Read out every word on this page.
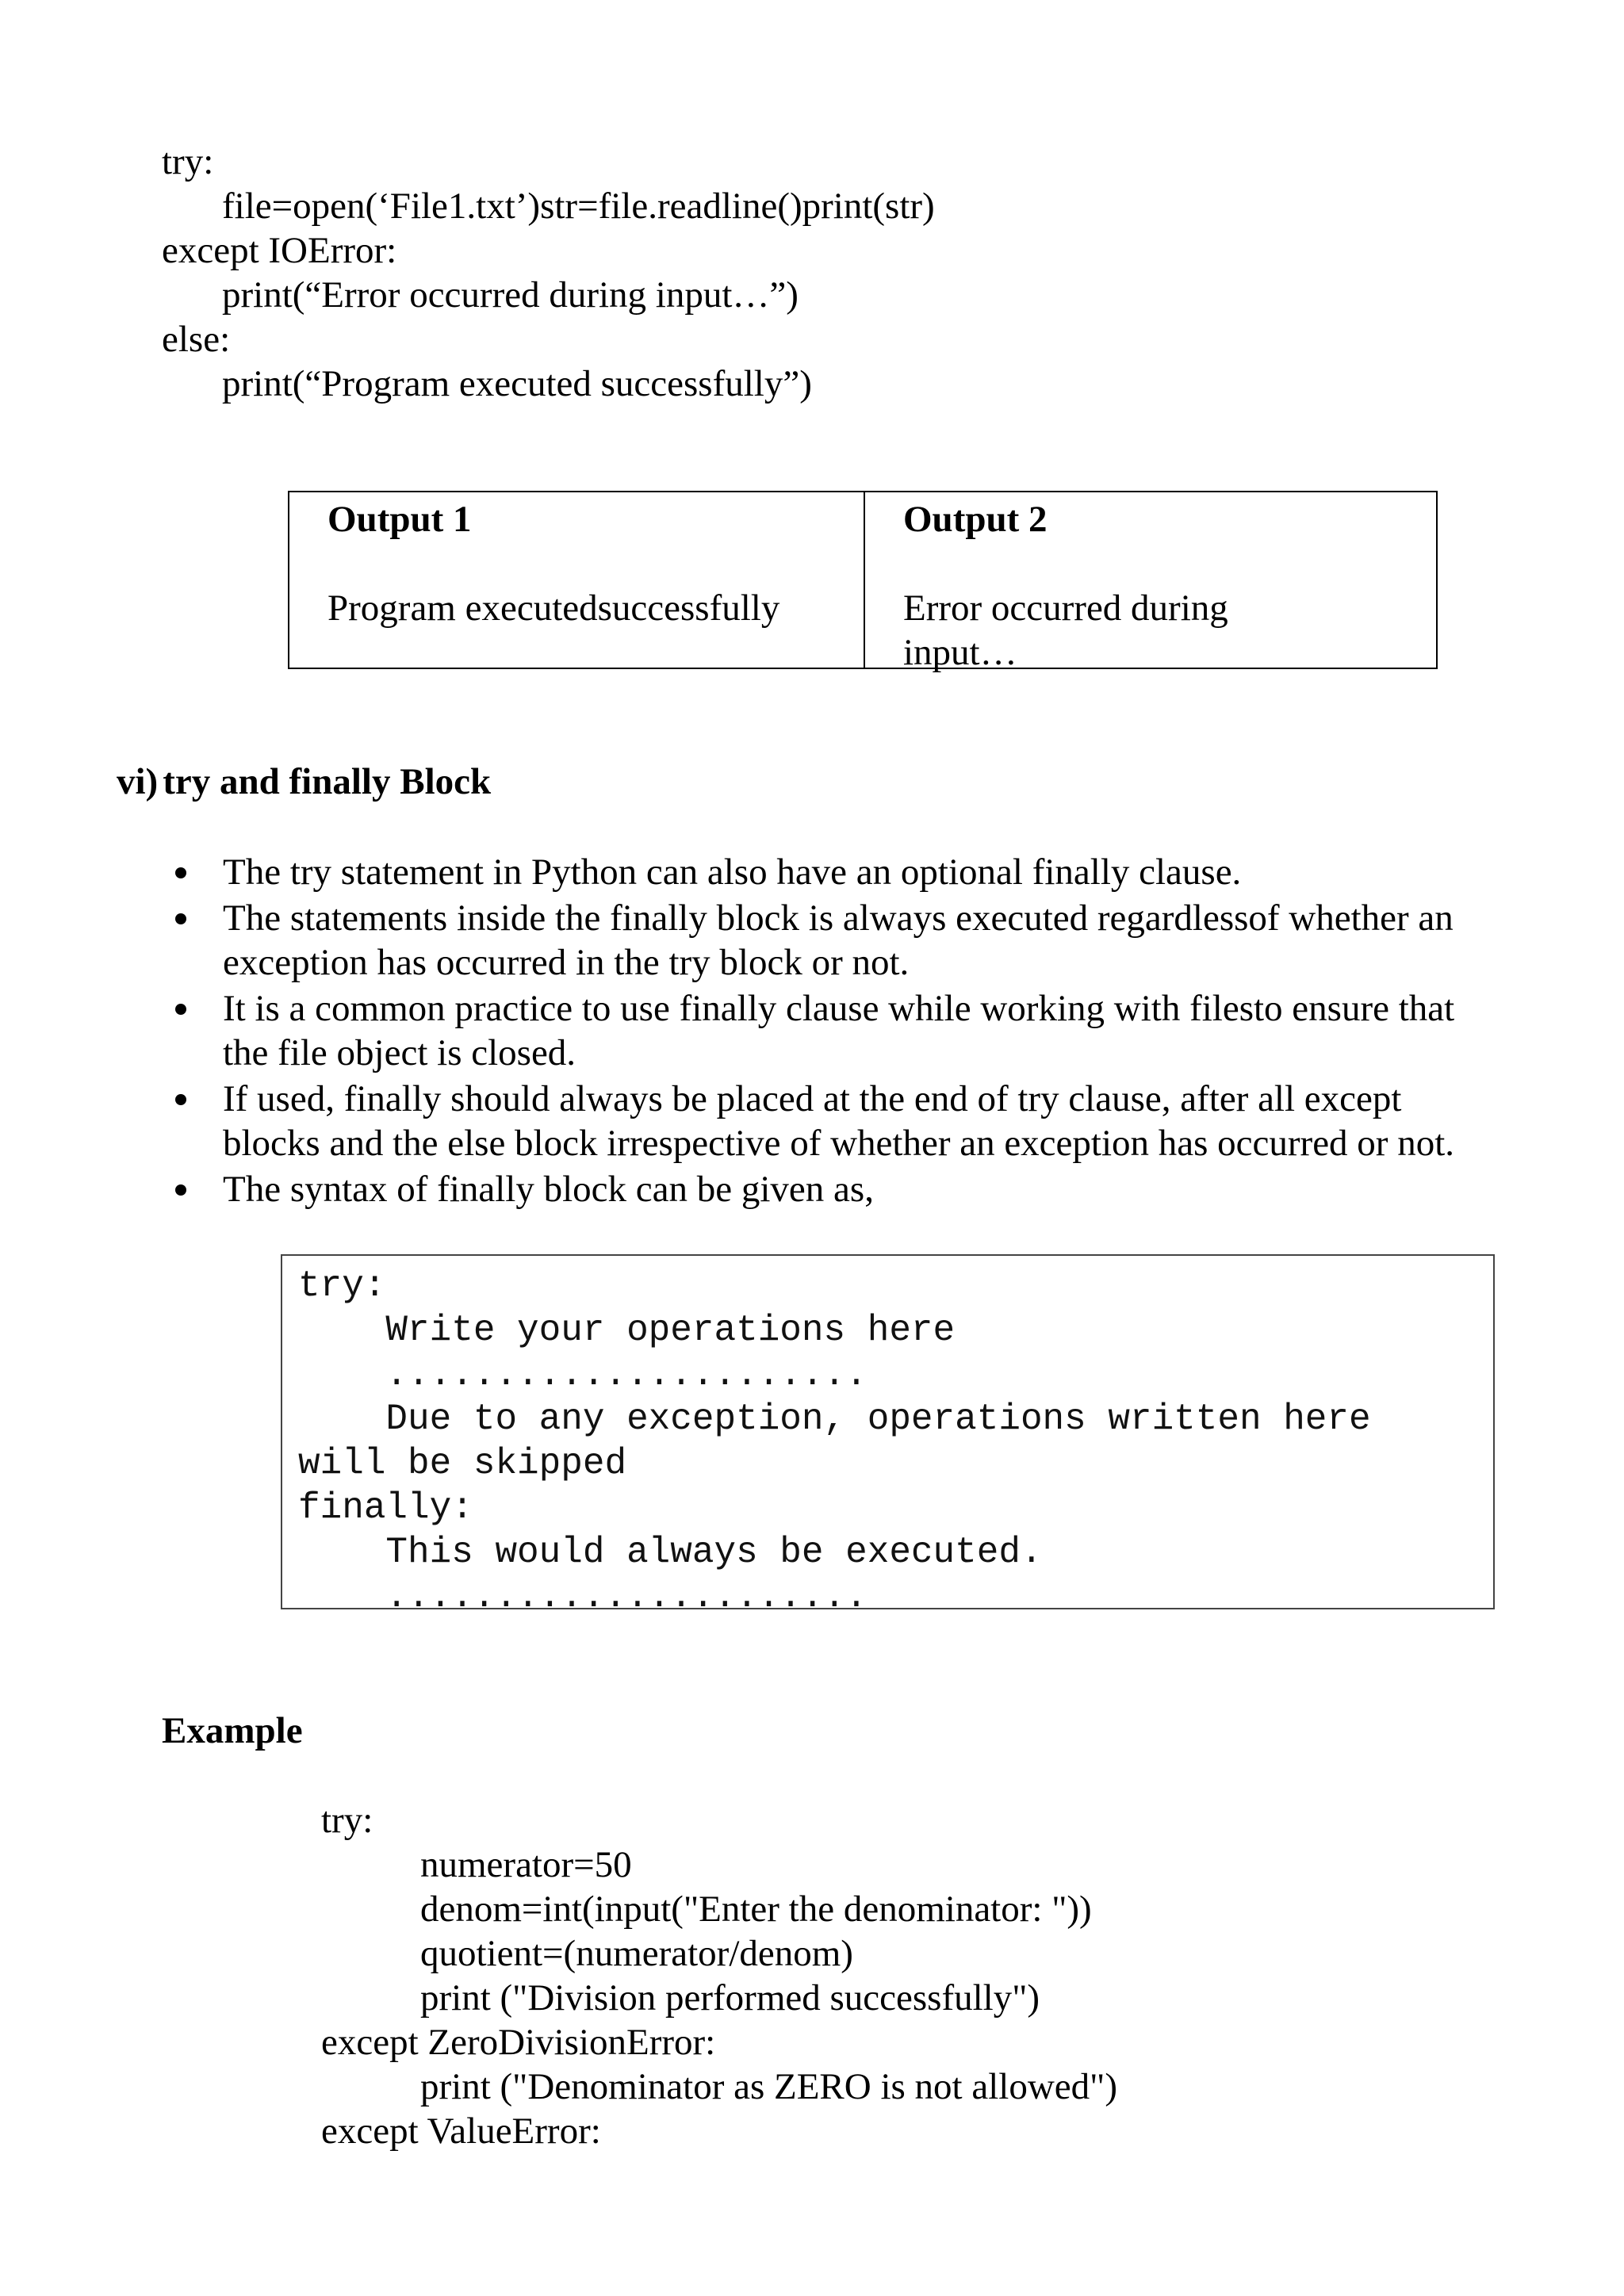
try:
file=open(‘File1.txt’)str=file.readline()print(str)
except IOError:
print(“Error occurred during input…”)
else:
print(“Program executed successfully”)
Output 1
Program executedsuccessfully
Output 2
Error occurred during input…
vi) try and finally Block
The try statement in Python can also have an optional finally clause.
The statements inside the finally block is always executed regardlessof whether an exception has occurred in the try block or not.
It is a common practice to use finally clause while working with filesto ensure that the file object is closed.
If used, finally should always be placed at the end of try clause, after all except blocks and the else block irrespective of whether an exception has occurred or not.
The syntax of finally block can be given as,
try:
Write your operations here
......................
Due to any exception, operations written here
will be skipped
finally:
This would always be executed.
......................
Example
try:
numerator=50
denom=int(input("Enter the denominator: "))
quotient=(numerator/denom)
print ("Division performed successfully")
except ZeroDivisionError:
print ("Denominator as ZERO is not allowed")
except ValueError:
